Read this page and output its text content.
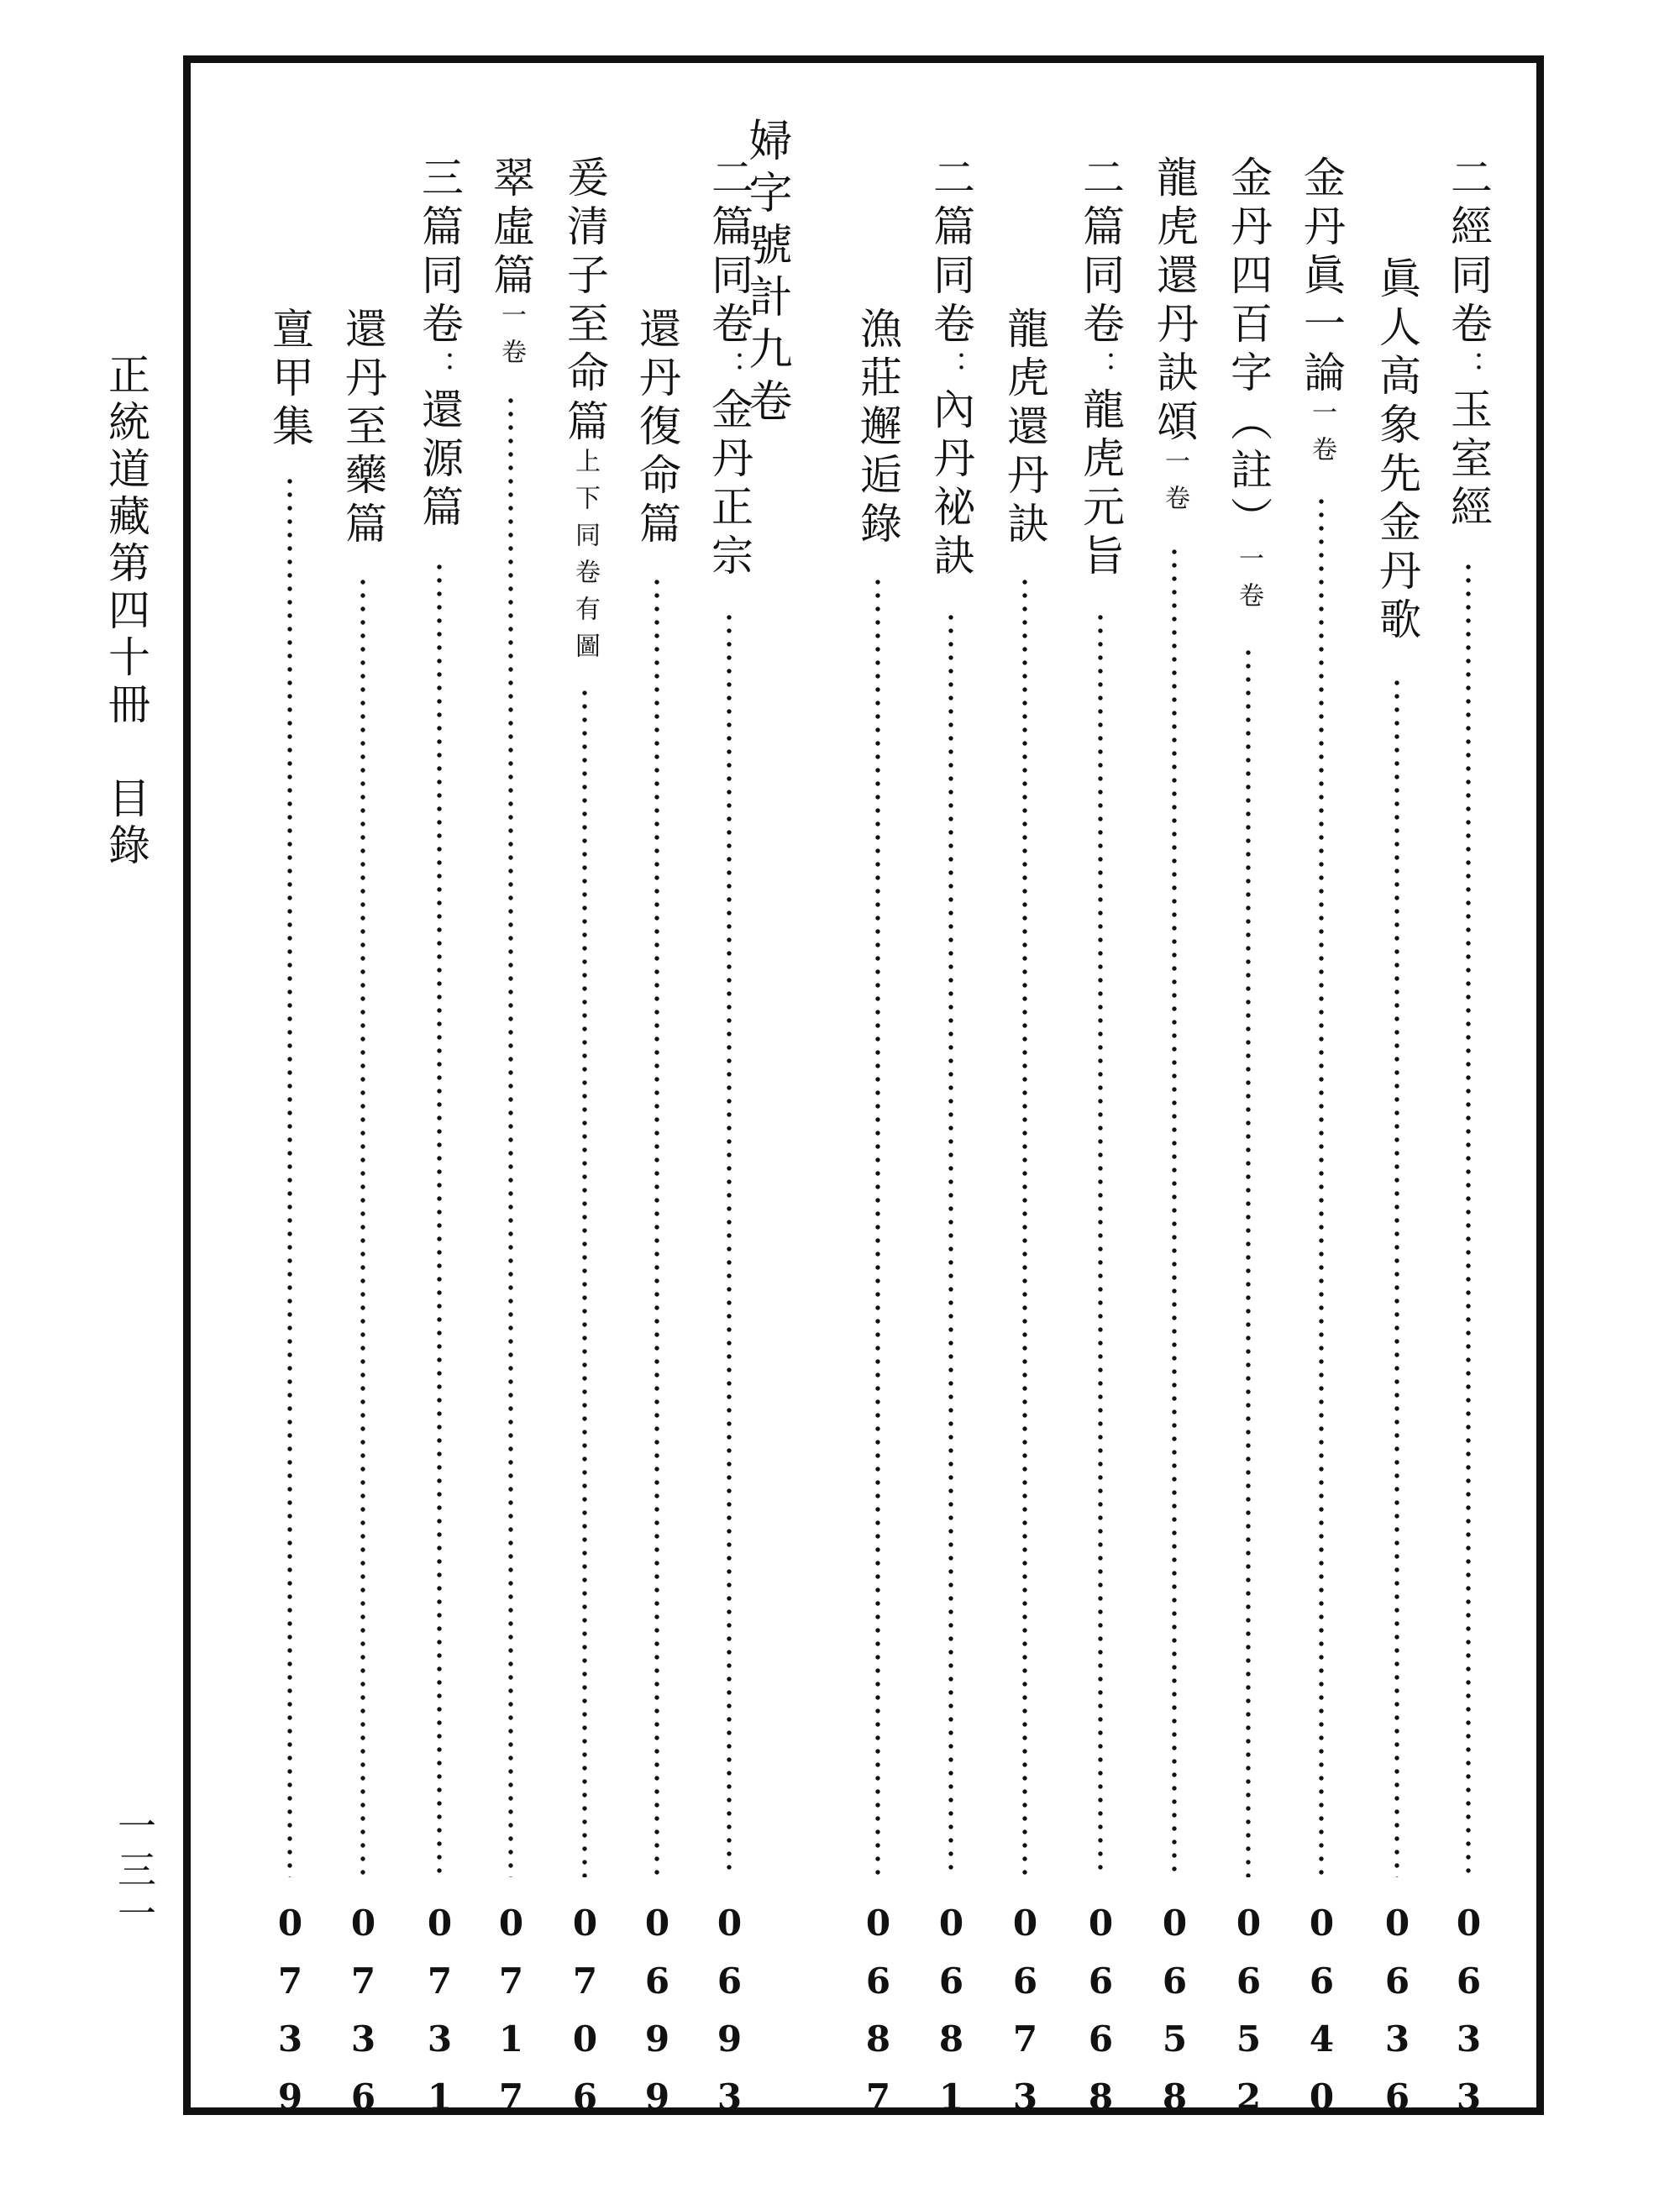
正統道藏第四十冊　目錄
一三一
婦字號計九卷	二經同卷：玉室經
0633
眞人高象先金丹歌
0636
金丹眞一論一卷
0640
金丹四百字（註）一卷
0652
龍虎還丹訣頌一卷
0658
二篇同卷：龍虎元旨
0668
龍虎還丹訣
0673
二篇同卷：內丹祕訣
0681
漁莊邂逅錄
0687
二篇同卷：金丹正宗
0693
還丹復命篇
0699
爰清子至命篇上下同卷有圖
0706
翠虛篇一卷
0717
三篇同卷：還源篇
0731
還丹至藥篇
0736
亶甲集
0739
